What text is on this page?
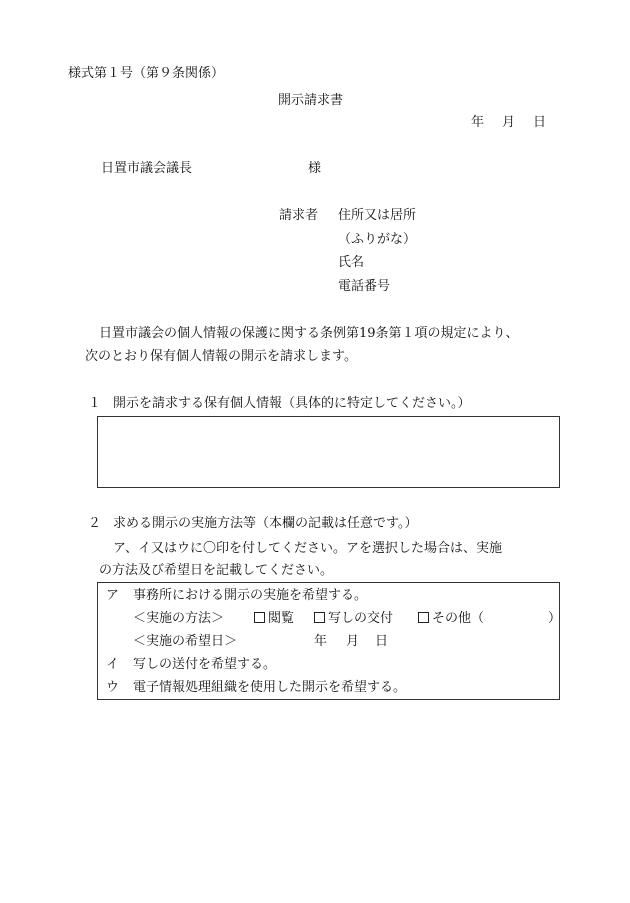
様式第１号（第９条関係）
開示請求書
年 月 日
日置市議会議長	様
請求者 住所又は居所
（ふりがな）
氏名
電話番号
日置市議会の個人情報の保護に関する条例第19条第１項の規定により、
次のとおり保有個人情報の開示を請求します。
１ 開示を請求する保有個人情報（具体的に特定してください。）
２ 求める開示の実施方法等（本欄の記載は任意です。）
ア、イ又はウに〇印を付してください。アを選択した場合は、実施
の方法及び希望日を記載してください。
ア 事務所における開示の実施を希望する。
＜実施の方法＞	閲覧	写しの交付	その他（	）
＜実施の希望日＞	年 月 日
イ 写しの送付を希望する。
ウ 電子情報処理組織を使用した開示を希望する。
